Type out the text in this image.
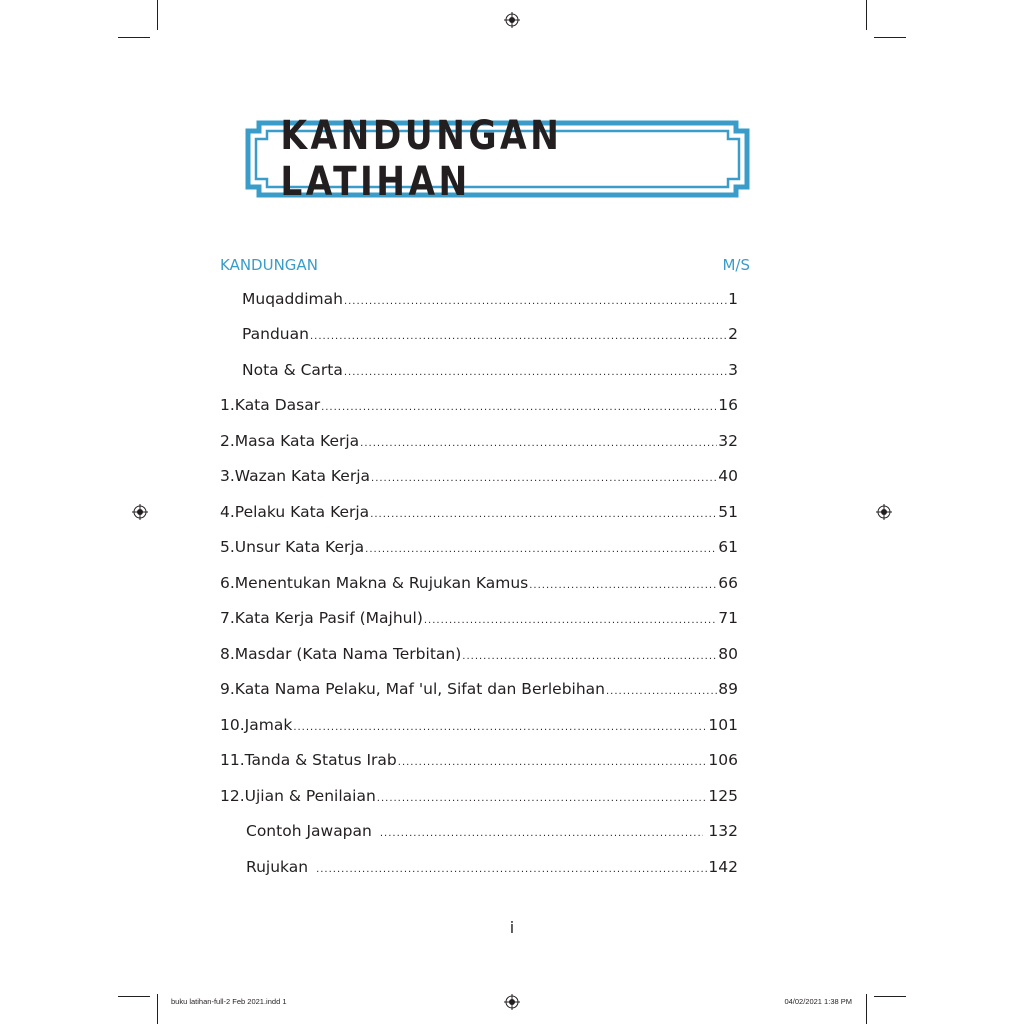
KANDUNGAN LATIHAN
KANDUNGAN	M/S
Muqaddimah .....	1
Panduan .....	2
Nota & Carta .....	3
1. Kata Dasar .....	16
2. Masa Kata Kerja .....	32
3. Wazan Kata Kerja .....	40
4. Pelaku Kata Kerja .....	51
5. Unsur Kata Kerja .....	61
6. Menentukan Makna & Rujukan Kamus .....	66
7. Kata Kerja Pasif (Majhul) .....	71
8. Masdar (Kata Nama Terbitan) .....	80
9. Kata Nama Pelaku, Maf 'ul, Sifat dan Berlebihan .....	89
10. Jamak .....	101
11. Tanda & Status Irab .....	106
12. Ujian & Penilaian .....	125
Contoh Jawapan .....	132
Rujukan .....	142
i
buku latihan-full-2 Feb 2021.indd 1	04/02/2021 1:38 PM
